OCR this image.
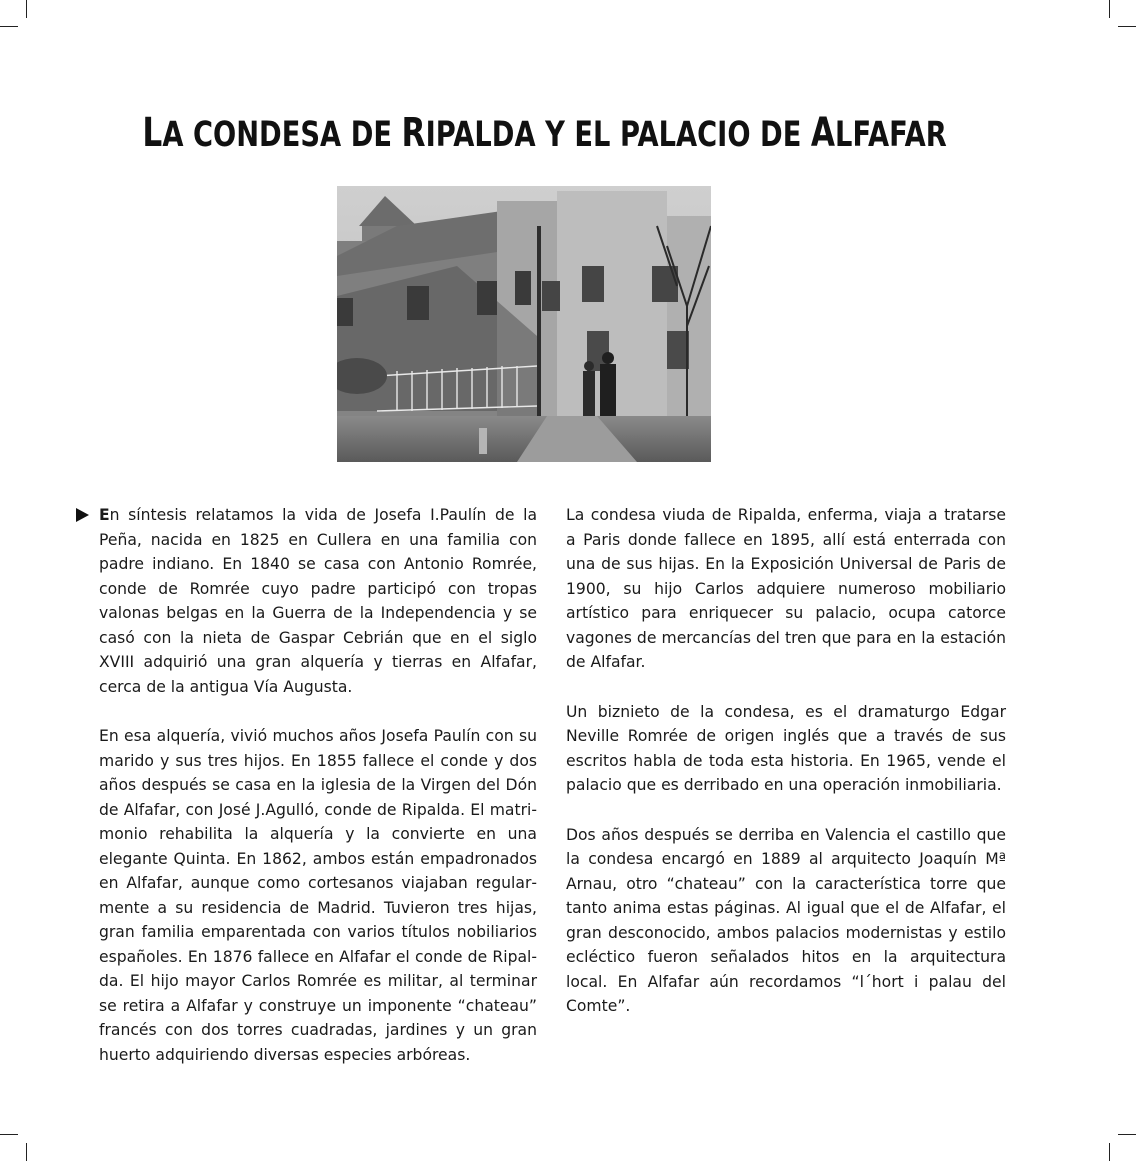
LA CONDESA DE RIPALDA Y EL PALACIO DE ALFAFAR

En síntesis relatamos la vida de Josefa I.Paulín de la Peña, nacida en 1825 en Cullera en una familia con padre indiano. En 1840 se casa con Antonio Romrée, conde de Romrée cuyo padre participó con tropas valonas belgas en la Guerra de la Independencia y se casó con la nieta de Gaspar Cebrián que en el siglo XVIII adquirió una gran alquería y tierras en Alfafar, cerca de la antigua Vía Augusta.

En esa alquería, vivió muchos años Josefa Paulín con su marido y sus tres hijos. En 1855 fallece el conde y dos años después se casa en la iglesia de la Virgen del Dón de Alfafar, con José J.Agulló, conde de Ripalda. El matrimonio rehabilita la alquería y la convierte en una elegante Quinta. En 1862, ambos están empadronados en Alfafar, aunque como cortesanos viajaban regularmente a su residencia de Madrid. Tuvieron tres hijas, gran familia emparentada con varios títulos nobiliarios españoles. En 1876 fallece en Alfafar el conde de Ripalda. El hijo mayor Carlos Romrée es militar, al terminar se retira a Alfafar y construye un imponente “chateau” francés con dos torres cuadradas, jardines y un gran huerto adquiriendo diversas especies arbóreas.

La condesa viuda de Ripalda, enferma, viaja a tratarse a Paris donde fallece en 1895, allí está enterrada con una de sus hijas. En la Exposición Universal de Paris de 1900, su hijo Carlos adquiere numeroso mobiliario artístico para enriquecer su palacio, ocupa catorce vagones de mercancías del tren que para en la estación de Alfafar.

Un biznieto de la condesa, es el dramaturgo Edgar Neville Romrée de origen inglés que a través de sus escritos habla de toda esta historia. En 1965, vende el palacio que es derribado en una operación inmobiliaria.

Dos años después se derriba en Valencia el castillo que la condesa encargó en 1889 al arquitecto Joaquín Mª Arnau, otro “chateau” con la característica torre que tanto anima estas páginas. Al igual que el de Alfafar, el gran desconocido, ambos palacios modernistas y estilo ecléctico fueron señalados hitos en la arquitectura local. En Alfafar aún recordamos “l´hort i palau del Comte”.
